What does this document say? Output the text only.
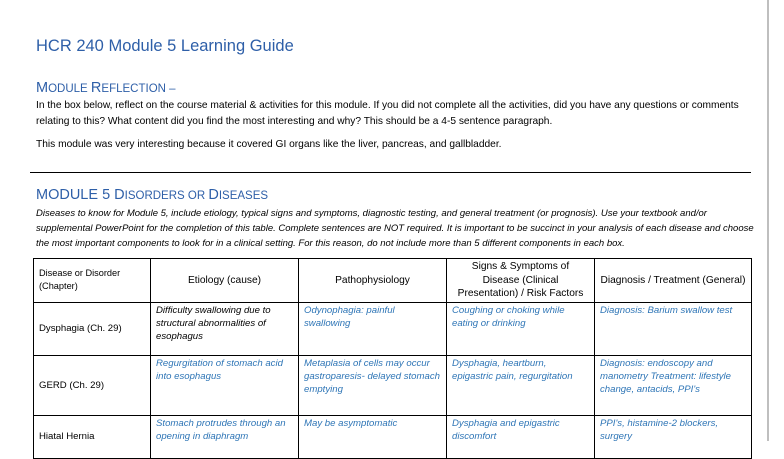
HCR 240 Module 5 Learning Guide
MODULE REFLECTION –
In the box below, reflect on the course material & activities for this module. If you did not complete all the activities, did you have any questions or comments relating to this? What content did you find the most interesting and why? This should be a 4-5 sentence paragraph.
This module was very interesting because it covered GI organs like the liver, pancreas, and gallbladder.
MODULE 5 DISORDERS OR DISEASES
Diseases to know for Module 5, include etiology, typical signs and symptoms, diagnostic testing, and general treatment (or prognosis). Use your textbook and/or supplemental PowerPoint for the completion of this table. Complete sentences are NOT required. It is important to be succinct in your analysis of each disease and choose the most important components to look for in a clinical setting. For this reason, do not include more than 5 different components in each box.
Disease or Disorder (Chapter)	Etiology (cause)	Pathophysiology	Signs & Symptoms of Disease (Clinical Presentation) / Risk Factors	Diagnosis / Treatment (General)
Dysphagia (Ch. 29)	Difficulty swallowing due to structural abnormalities of esophagus	Odynophagia: painful swallowing	Coughing or choking while eating or drinking	Diagnosis: Barium swallow test
GERD (Ch. 29)	Regurgitation of stomach acid into esophagus	Metaplasia of cells may occur gastroparesis- delayed stomach emptying	Dysphagia, heartburn, epigastric pain, regurgitation	Diagnosis: endoscopy and manometry Treatment: lifestyle change, antacids, PPI's
Hiatal Hernia	Stomach protrudes through an opening in diaphragm	May be asymptomatic	Dysphagia and epigastric discomfort	PPI's, histamine-2 blockers, surgery
